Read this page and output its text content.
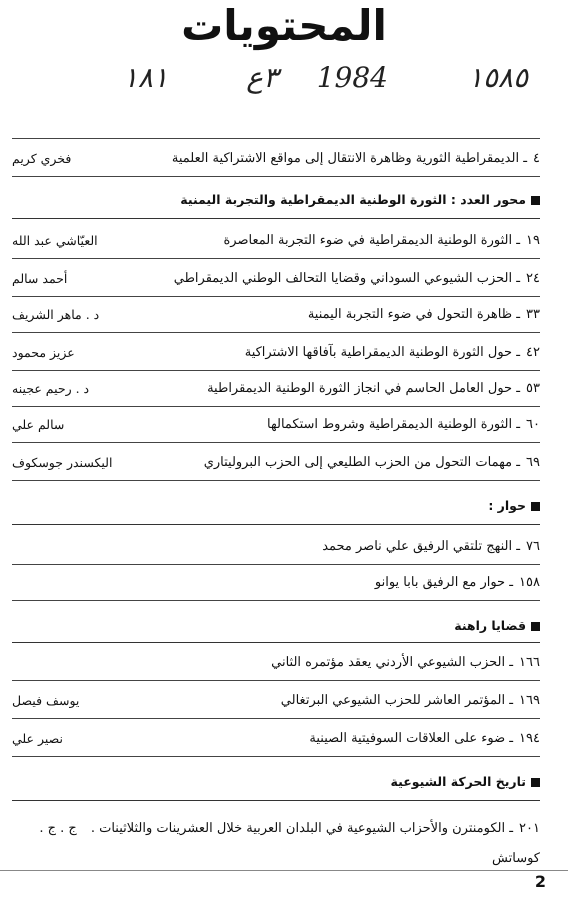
المحتويات
١٨١	٣ع 1984	١٥٨٥
٤ـ الديمقراطية الثورية وظاهرة الانتقال إلى مواقع الاشتراكية العلمية
فخري كريم
محور العدد : الثورة الوطنية الديمقراطية والتجربة اليمنية
١٩ـ الثورة الوطنية الديمقراطية في ضوء التجربة المعاصرة
العيّاشي عبد الله
٢٤ـ الحزب الشيوعي السوداني وقضايا التحالف الوطني الديمقراطي
أحمد سالم
٣٣ـ ظاهرة التحول في ضوء التجربة اليمنية
د . ماهر الشريف
٤٢ـ حول الثورة الوطنية الديمقراطية بآفاقها الاشتراكية
عزيز محمود
٥٣ـ حول العامل الحاسم في انجاز الثورة الوطنية الديمقراطية
د . رحيم عجينه
٦٠ـ الثورة الوطنية الديمقراطية وشروط استكمالها
سالم علي
٦٩ـ مهمات التحول من الحزب الطليعي إلى الحزب البروليتاري
اليكسندر جوسكوف
حوار :
٧٦ـ النهج تلتقي الرفيق علي ناصر محمد
١٥٨ـ حوار مع الرفيق بابا يوانو
قضايا راهنة
١٦٦ـ الحزب الشيوعي الأردني يعقد مؤتمره الثاني
١٦٩ـ المؤتمر العاشر للحزب الشيوعي البرتغالي
يوسف فيصل
١٩٤ـ ضوء على العلاقات السوفيتية الصينية
نصير علي
تاريخ الحركة الشيوعية
٢٠١ـ الكومنترن والأحزاب الشيوعية في البلدان العربية خلال العشرينات والثلاثينات .ج . ج . كوساتش
2
